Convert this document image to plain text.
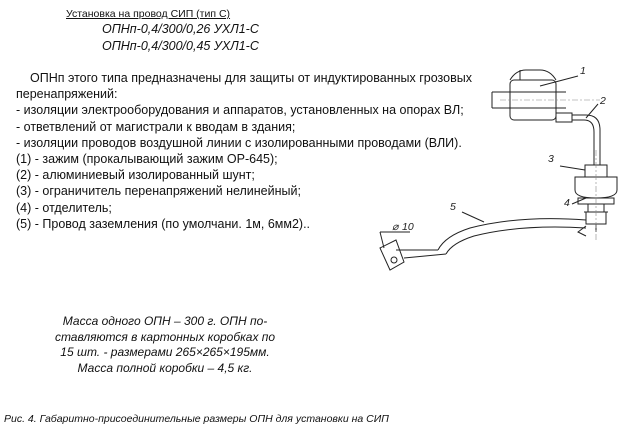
Установка на провод СИП (тип С)
ОПНп-0,4/300/0,26 УХЛ1-С
ОПНп-0,4/300/0,45 УХЛ1-С
ОПНп этого типа предназначены для защиты от индуктированных грозовых
перенапряжений:
- изоляции электрооборудования и аппаратов, установленных на опорах ВЛ;
- ответвлений от магистрали к вводам в здания;
- изоляции проводов воздушной линии с изолированными проводами (ВЛИ).
(1) - зажим (прокалывающий зажим ОР-645);
(2) - алюминиевый изолированный шунт;
(3) - ограничитель перенапряжений нелинейный;
(4) - отделитель;
(5) - Провод заземления (по умолчани. 1м, 6мм2)..
Масса одного ОПН – 300 г. ОПН по-
ставляются в картонных коробках по
15 шт. - размерами 265×265×195мм.
Масса полной коробки – 4,5 кг.
Рис. 4. Габаритно-присоединительные размеры ОПН для установки на СИП
1
2
3
4
5
⌀ 10
